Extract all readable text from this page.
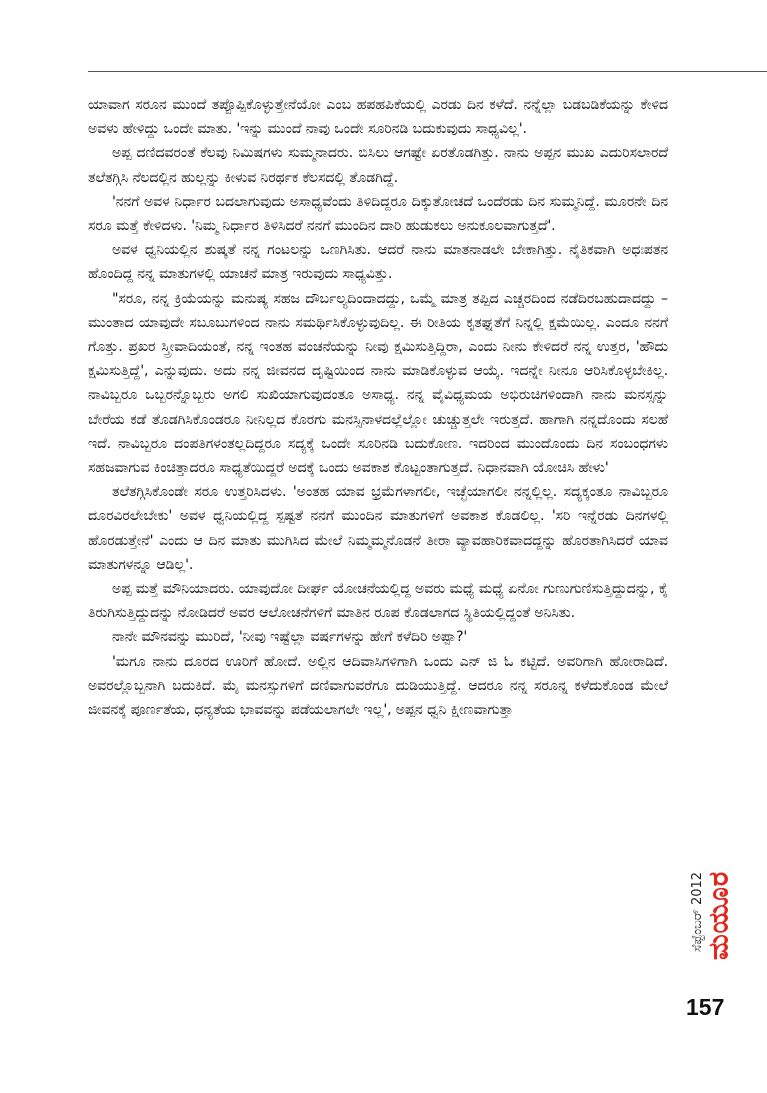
ಯಾವಾಗ ಸರೂನ ಮುಂದೆ ತಪ್ಪೊಪ್ಪಿಕೊಳ್ಳುತ್ತೇನೆಯೋ ಎಂಬ ಹಪಹಪಿಕೆಯಲ್ಲಿ ಎರಡು ದಿನ ಕಳೆದೆ. ನನ್ನೆಲ್ಲಾ ಬಡಬಡಿಕೆಯನ್ನು ಕೇಳಿದ ಅವಳು ಹೇಳಿದ್ದು ಒಂದೇ ಮಾತು. 'ಇನ್ನು ಮುಂದೆ ನಾವು ಒಂದೇ ಸೂರಿನಡಿ ಬದುಕುವುದು ಸಾಧ್ಯವಿಲ್ಲ'.

ಅಪ್ಪ ದಣಿದವರಂತೆ ಕೆಲವು ನಿಮಿಷಗಳು ಸುಮ್ಮನಾದರು. ಬಿಸಿಲು ಆಗಷ್ಟೇ ಏರತೊಡಗಿತ್ತು. ನಾನು ಅಪ್ಪನ ಮುಖ ಎದುರಿಸಲಾರದೆ ತಲೆತಗ್ಗಿಸಿ ನೆಲದಲ್ಲಿನ ಹುಲ್ಲನ್ನು ಕೀಳುವ ನಿರರ್ಥಕ ಕೆಲಸದಲ್ಲಿ ತೊಡಗಿದ್ದೆ.

'ನನಗೆ ಅವಳ ನಿರ್ಧಾರ ಬದಲಾಗುವುದು ಅಸಾಧ್ಯವೆಂದು ತಿಳಿದಿದ್ದರೂ ದಿಕ್ಕುತೋಚದೆ ಒಂದೆರಡು ದಿನ ಸುಮ್ಮನಿದ್ದೆ. ಮೂರನೇ ದಿನ ಸರೂ ಮತ್ತೆ ಕೇಳಿದಳು. 'ನಿಮ್ಮ ನಿರ್ಧಾರ ತಿಳಿಸಿದರೆ ನನಗೆ ಮುಂದಿನ ದಾರಿ ಹುಡುಕಲು ಅನುಕೂಲವಾಗುತ್ತದೆ'.

ಅವಳ ಧ್ವನಿಯಲ್ಲಿನ ಶುಷ್ಕತೆ ನನ್ನ ಗಂಟಲನ್ನು ಒಣಗಿಸಿತು. ಆದರೆ ನಾನು ಮಾತನಾಡಲೇ ಬೇಕಾಗಿತ್ತು. ನೈತಿಕವಾಗಿ ಅಧಃಪತನ ಹೊಂದಿದ್ದ ನನ್ನ ಮಾತುಗಳಲ್ಲಿ ಯಾಚನೆ ಮಾತ್ರ ಇರುವುದು ಸಾಧ್ಯವಿತ್ತು.

"ಸರೂ, ನನ್ನ ಕ್ರಿಯೆಯನ್ನು ಮನುಷ್ಯ ಸಹಜ ದೌರ್ಬಲ್ಯದಿಂದಾದದ್ದು, ಒಮ್ಮೆ ಮಾತ್ರ ತಪ್ಪಿದ ಎಚ್ಚರದಿಂದ ನಡೆದಿರಬಹುದಾದದ್ದು – ಮುಂತಾದ ಯಾವುದೇ ಸಬೂಬುಗಳಿಂದ ನಾನು ಸಮರ್ಥಿಸಿಕೊಳ್ಳುವುದಿಲ್ಲ. ಈ ರೀತಿಯ ಕೃತಘ್ನತೆಗೆ ನಿನ್ನಲ್ಲಿ ಕ್ಷಮೆಯಿಲ್ಲ. ಎಂದೂ ನನಗೆ ಗೊತ್ತು. ಪ್ರಖರ ಸ್ತ್ರೀವಾದಿಯಂತೆ, ನನ್ನ ಇಂತಹ ವಂಚನೆಯನ್ನು ನೀವು ಕ್ಷಮಿಸುತ್ತಿದ್ದಿರಾ, ಎಂದು ನೀನು ಕೇಳಿದರೆ ನನ್ನ ಉತ್ತರ, 'ಹೌದು ಕ್ಷಮಿಸುತ್ತಿದ್ದೆ', ಎನ್ನುವುದು. ಅದು ನನ್ನ ಜೀವನದ ದೃಷ್ಟಿಯಿಂದ ನಾನು ಮಾಡಿಕೊಳ್ಳುವ ಆಯ್ಕೆ. ಇದನ್ನೇ ನೀನೂ ಆರಿಸಿಕೊಳ್ಳಬೇಕಿಲ್ಲ. ನಾವಿಬ್ಬರೂ ಒಬ್ಬರನ್ನೊಬ್ಬರು ಅಗಲಿ ಸುಖಿಯಾಗುವುದಂತೂ ಅಸಾಧ್ಯ. ನನ್ನ ವೈವಿಧ್ಯಮಯ ಅಭಿರುಚಿಗಳಿಂದಾಗಿ ನಾನು ಮನಸ್ಸನ್ನು ಬೇರೆಯ ಕಡೆ ತೊಡಗಿಸಿಕೊಂಡರೂ ನೀನಿಲ್ಲದ ಕೊರಗು ಮನಸ್ಸಿನಾಳದಲ್ಲೆಲ್ಲೋ ಚುಚ್ಚುತ್ತಲೇ ಇರುತ್ತದೆ. ಹಾಗಾಗಿ ನನ್ನದೊಂದು ಸಲಹೆ ಇದೆ. ನಾವಿಬ್ಬರೂ ದಂಪತಿಗಳಂತಲ್ಲದಿದ್ದರೂ ಸದ್ಯಕ್ಕೆ ಒಂದೇ ಸೂರಿನಡಿ ಬದುಕೋಣ. ಇದರಿಂದ ಮುಂದೊಂದು ದಿನ ಸಂಬಂಧಗಳು ಸಹಜವಾಗುವ ಕಿಂಚಿತ್ತಾದರೂ ಸಾಧ್ಯತೆಯಿದ್ದರೆ ಅದಕ್ಕೆ ಒಂದು ಅವಕಾಶ ಕೊಟ್ಟಂತಾಗುತ್ತದೆ. ನಿಧಾನವಾಗಿ ಯೋಚಿಸಿ ಹೇಳು'

ತಲೆತಗ್ಗಿಸಿಕೊಂಡೇ ಸರೂ ಉತ್ತರಿಸಿದಳು. 'ಅಂತಹ ಯಾವ ಭ್ರಮೆಗಳಾಗಲೀ, ಇಚ್ಛೆಯಾಗಲೀ ನನ್ನಲ್ಲಿಲ್ಲ. ಸದ್ಯಕ್ಕಂತೂ ನಾವಿಬ್ಬರೂ ದೂರವಿರಲೇಬೇಕು' ಅವಳ ಧ್ವನಿಯಲ್ಲಿದ್ದ ಸ್ಪಷ್ಟತೆ ನನಗೆ ಮುಂದಿನ ಮಾತುಗಳಿಗೆ ಅವಕಾಶ ಕೊಡಲಿಲ್ಲ. 'ಸರಿ ಇನ್ನೆರಡು ದಿನಗಳಲ್ಲಿ ಹೊರಡುತ್ತೇನೆ' ಎಂದು ಆ ದಿನ ಮಾತು ಮುಗಿಸಿದ ಮೇಲೆ ನಿಮ್ಮಮ್ಮನೊಡನೆ ತೀರಾ ವ್ಯಾವಹಾರಿಕವಾದದ್ದನ್ನು ಹೊರತಾಗಿಸಿದರೆ ಯಾವ ಮಾತುಗಳನ್ನೂ ಆಡಿಲ್ಲ'.

ಅಪ್ಪ ಮತ್ತೆ ಮೌನಿಯಾದರು. ಯಾವುದೋ ದೀರ್ಘ ಯೋಚನೆಯಲ್ಲಿದ್ದ ಅವರು ಮಧ್ಯೆ ಮಧ್ಯೆ ಏನೋ ಗುಣುಗುಣಿಸುತ್ತಿದ್ದುದನ್ನು, ಕೈ ತಿರುಗಿಸುತ್ತಿದ್ದುದನ್ನು ನೋಡಿದರೆ ಅವರ ಆಲೋಚನೆಗಳಿಗೆ ಮಾತಿನ ರೂಪ ಕೊಡಲಾಗದ ಸ್ಥಿತಿಯಲ್ಲಿದ್ದಂತೆ ಅನಿಸಿತು.

ನಾನೇ ಮೌನವನ್ನು ಮುರಿದೆ, 'ನೀವು ಇಷ್ಟೆಲ್ಲಾ ವರ್ಷಗಳನ್ನು ಹೇಗೆ ಕಳೆದಿರಿ ಅಪ್ಪಾ?'

'ಮಗೂ ನಾನು ದೂರದ ಊರಿಗೆ ಹೋದೆ. ಅಲ್ಲಿನ ಆದಿವಾಸಿಗಳಿಗಾಗಿ ಒಂದು ಎನ್ ಜಿ ಓ ಕಟ್ಟಿದೆ. ಅವರಿಗಾಗಿ ಹೋರಾಡಿದೆ. ಅವರಲ್ಲೊಬ್ಬನಾಗಿ ಬದುಕಿದೆ. ಮೈ ಮನಸ್ಸುಗಳಿಗೆ ದಣಿವಾಗುವರೆಗೂ ದುಡಿಯುತ್ತಿದ್ದೆ. ಆದರೂ ನನ್ನ ಸರೂನ್ನ ಕಳೆದುಕೊಂಡ ಮೇಲೆ ಜೀವನಕ್ಕೆ ಪೂರ್ಣತೆಯ, ಧನ್ಯತೆಯ ಭಾವವನ್ನು ಪಡೆಯಲಾಗಲೇ ಇಲ್ಲ', ಅಪ್ಪನ ಧ್ವನಿ ಕ್ಷೀಣವಾಗುತ್ತಾ

ಸೆಪ್ಟೆಂಬರ್ 2012
ಮಯೂರ
157
